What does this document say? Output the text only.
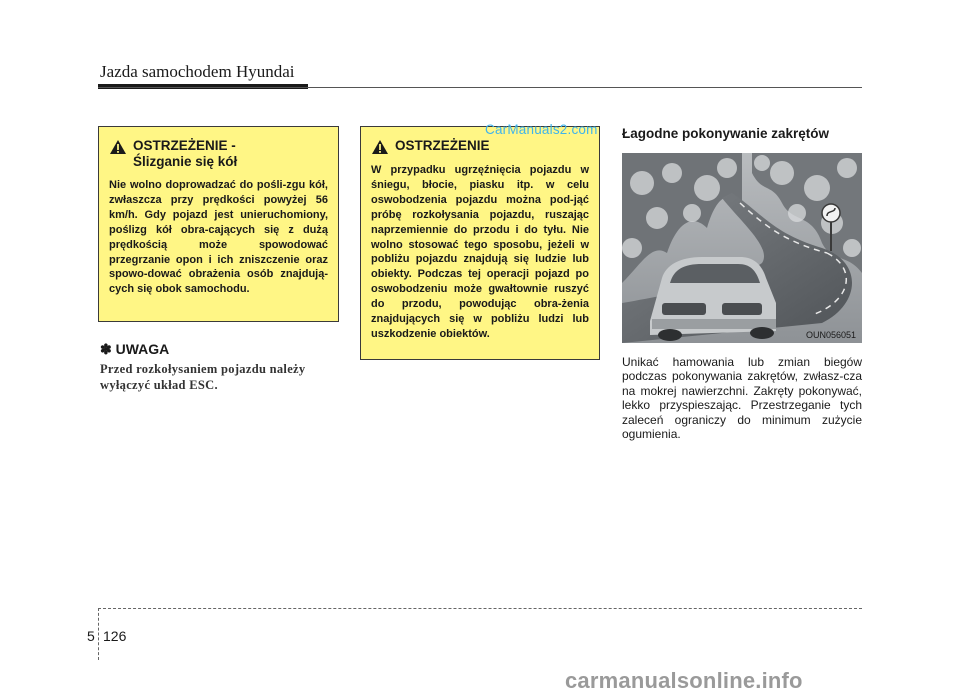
Jazda samochodem Hyundai
OSTRZEŻENIE -
Ślizganie się kół
Nie wolno doprowadzać do pośli-zgu kół, zwłaszcza przy prędkości powyżej 56 km/h. Gdy pojazd jest unieruchomiony, poślizg kół obra-cających się z dużą prędkością może spowodować przegrzanie opon i ich zniszczenie oraz spowo-dować obrażenia osób znajdują-cych się obok samochodu.
OSTRZEŻENIE
W przypadku ugrzęźnięcia pojazdu w śniegu, błocie, piasku itp. w celu oswobodzenia pojazdu można pod-jąć próbę rozkołysania pojazdu, ruszając naprzemiennie do przodu i do tyłu. Nie wolno stosować tego sposobu, jeżeli w pobliżu pojazdu znajdują się ludzie lub obiekty. Podczas tej operacji pojazd po oswobodzeniu może gwałtownie ruszyć do przodu, powodując obra-żenia znajdujących się w pobliżu ludzi lub uszkodzenie obiektów.
CarManuals2.com
✽ UWAGA
Przed rozkołysaniem pojazdu należy wyłączyć układ ESC.
Łagodne pokonywanie zakrętów
OUN056051
Unikać hamowania lub zmian biegów podczas pokonywania zakrętów, zwłasz-cza na mokrej nawierzchni. Zakręty pokonywać, lekko przyspieszając. Przestrzeganie tych zaleceń ograniczy do minimum zużycie ogumienia.
5 126
carmanualsonline.info
